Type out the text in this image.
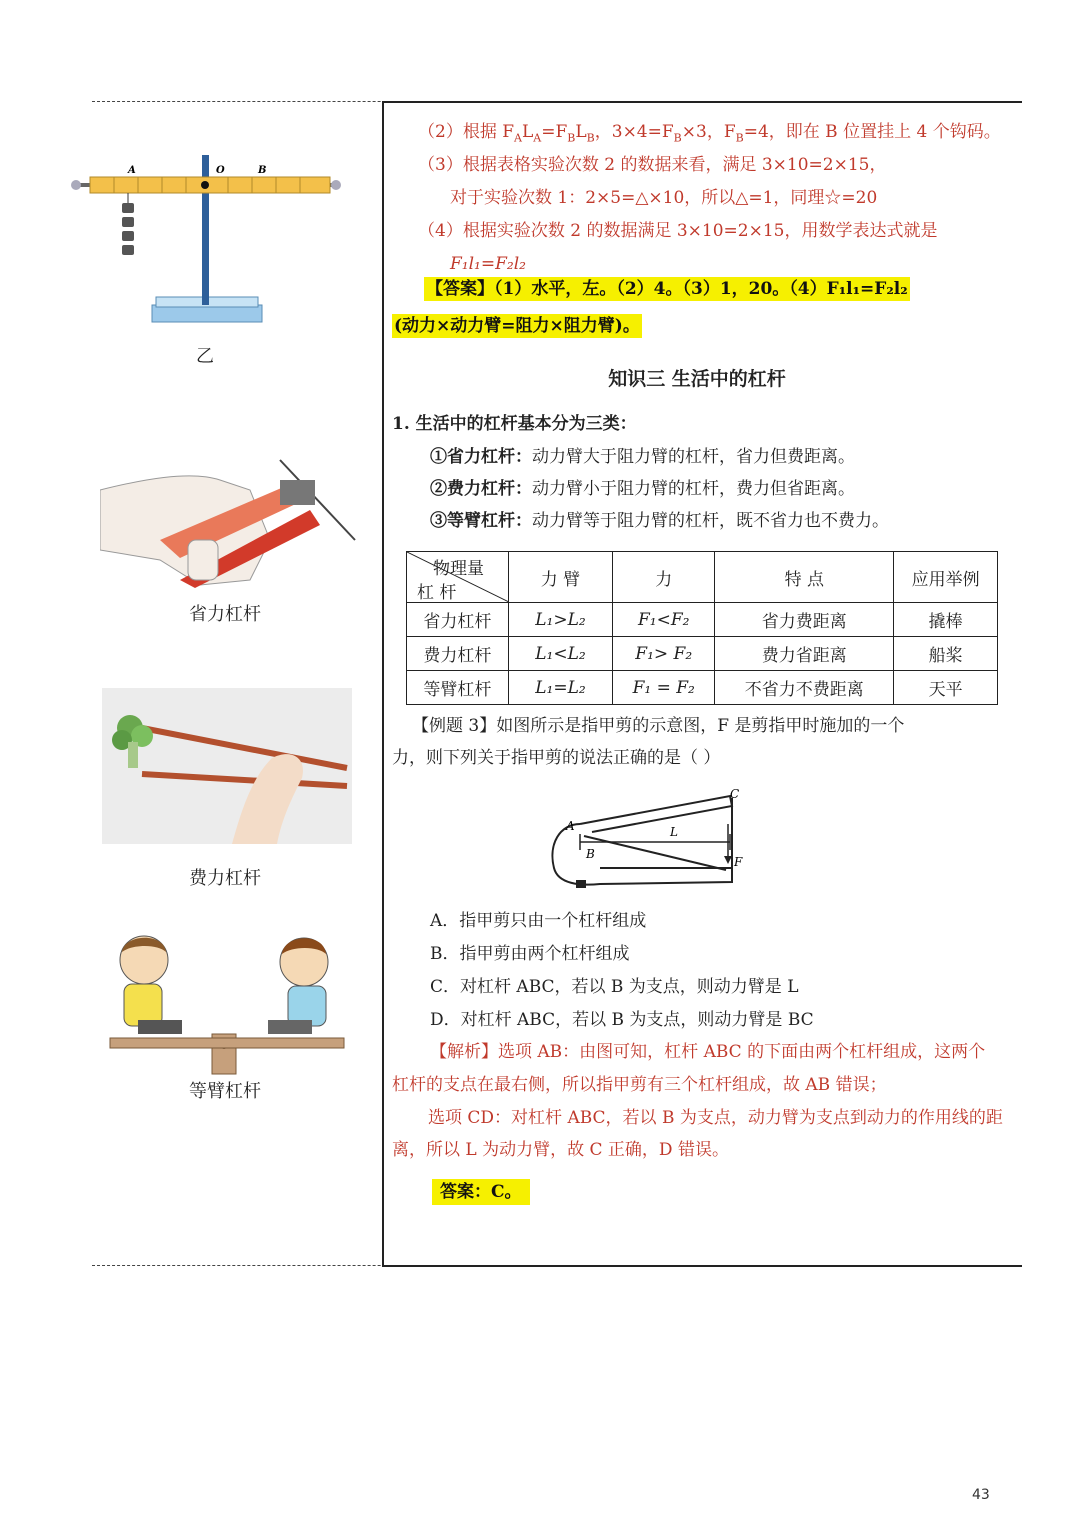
A	O	B
乙
省力杠杆
费力杠杆
等臂杠杆
（2）根据 $F_AL_A=F_BL_B$，$3\times 4=F_B\times 3$，$F_B=4$，即在 B 位置挂上 4 个钩码。
（3）根据表格实验次数 2 的数据来看，满足 3×10=2×15，
对于实验次数 1：2×5=△×10，所以△=1，同理☆=20
（4）根据实验次数 2 的数据满足 3×10=2×15，用数学表达式就是
F₁l₁=F₂l₂
【答案】（1）水平，左。（2）4。（3）1，20。（4）F₁l₁=F₂l₂
(动力×动力臂=阻力×阻力臂)。
知识三 生活中的杠杆
1. 生活中的杠杆基本分为三类：
①省力杠杆：动力臂大于阻力臂的杠杆，省力但费距离。
②费力杠杆：动力臂小于阻力臂的杠杆，费力但省距离。
③等臂杠杆：动力臂等于阻力臂的杠杆，既不省力也不费力。
物理量
杠 杆	力 臂	力	特 点	应用举例
省力杠杆	L₁>L₂	F₁<F₂	省力费距离	撬棒
费力杠杆	L₁<L₂	F₁> F₂	费力省距离	船桨
等臂杠杆	L₁=L₂	F₁ = F₂	不省力不费距离	天平
【例题 3】如图所示是指甲剪的示意图，F 是剪指甲时施加的一个
力，则下列关于指甲剪的说法正确的是（ ）
A
B
C
L
F
A．指甲剪只由一个杠杆组成
B．指甲剪由两个杠杆组成
C．对杠杆 ABC，若以 B 为支点，则动力臂是 L
D．对杠杆 ABC，若以 B 为支点，则动力臂是 BC
【解析】选项 AB：由图可知，杠杆 ABC 的下面由两个杠杆组成，这两个
杠杆的支点在最右侧，所以指甲剪有三个杠杆组成，故 AB 错误；
选项 CD：对杠杆 ABC，若以 B 为支点，动力臂为支点到动力的作用线的距
离，所以 L 为动力臂，故 C 正确，D 错误。
答案：C。
43
